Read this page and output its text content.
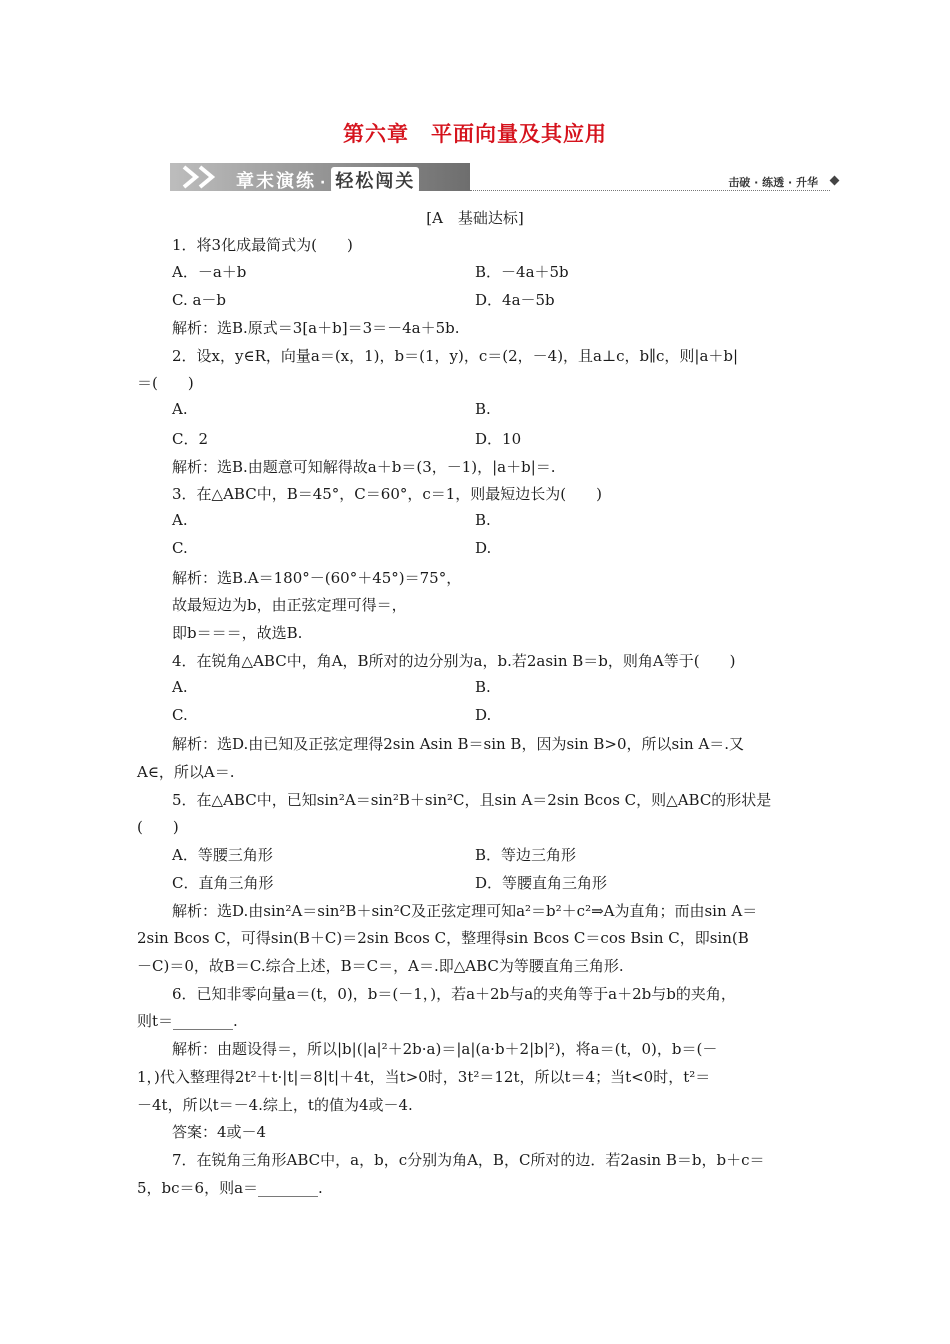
第六章　平面向量及其应用
章末演练 · 轻松闯关	击破 · 练透 · 升华
[A　基础达标]
1．将3化成最简式为(　　)
A．－a＋b	B．－4a＋5b
C. a－b	D．4a－5b
解析：选B.原式＝3[a＋b]＝3＝－4a＋5b.
2．设x，y∈R，向量a＝(x，1)，b＝(1，y)，c＝(2，－4)，且a⊥c，b∥c，则|a＋b|
＝(　　)
A.	B.
C．2	D．10
解析：选B.由题意可知解得故a＋b＝(3，－1)，|a＋b|＝.
3．在△ABC中，B＝45°，C＝60°，c＝1，则最短边长为(　　)
A.	B.
C.	D.
解析：选B.A＝180°－(60°＋45°)＝75°，
故最短边为b，由正弦定理可得＝，
即b＝＝＝，故选B.
4．在锐角△ABC中，角A，B所对的边分别为a，b.若2asin B＝b，则角A等于(　　)
A.	B.
C.	D.
解析：选D.由已知及正弦定理得2sin Asin B＝sin B，因为sin B>0，所以sin A＝.又
A∈，所以A＝.
5．在△ABC中，已知sin²A＝sin²B＋sin²C，且sin A＝2sin Bcos C，则△ABC的形状是
(　　)
A．等腰三角形	B．等边三角形
C．直角三角形	D．等腰直角三角形
解析：选D.由sin²A＝sin²B＋sin²C及正弦定理可知a²＝b²＋c²⇒A为直角；而由sin A＝
2sin Bcos C，可得sin(B＋C)＝2sin Bcos C，整理得sin Bcos C＝cos Bsin C，即sin(B
－C)＝0，故B＝C.综合上述，B＝C＝，A＝.即△ABC为等腰直角三角形.
6．已知非零向量a＝(t，0)，b＝(－1，)，若a＋2b与a的夹角等于a＋2b与b的夹角，
则t＝________.
解析：由题设得＝，所以|b|(|a|²＋2b·a)＝|a|(a·b＋2|b|²)，将a＝(t，0)，b＝(－
1，)代入整理得2t²＋t·|t|＝8|t|＋4t，当t>0时，3t²＝12t，所以t＝4；当t<0时，t²＝
－4t，所以t＝－4.综上，t的值为4或－4.
答案：4或－4
7．在锐角三角形ABC中，a，b，c分别为角A，B，C所对的边．若2asin B＝b，b＋c＝
5，bc＝6，则a＝________.
